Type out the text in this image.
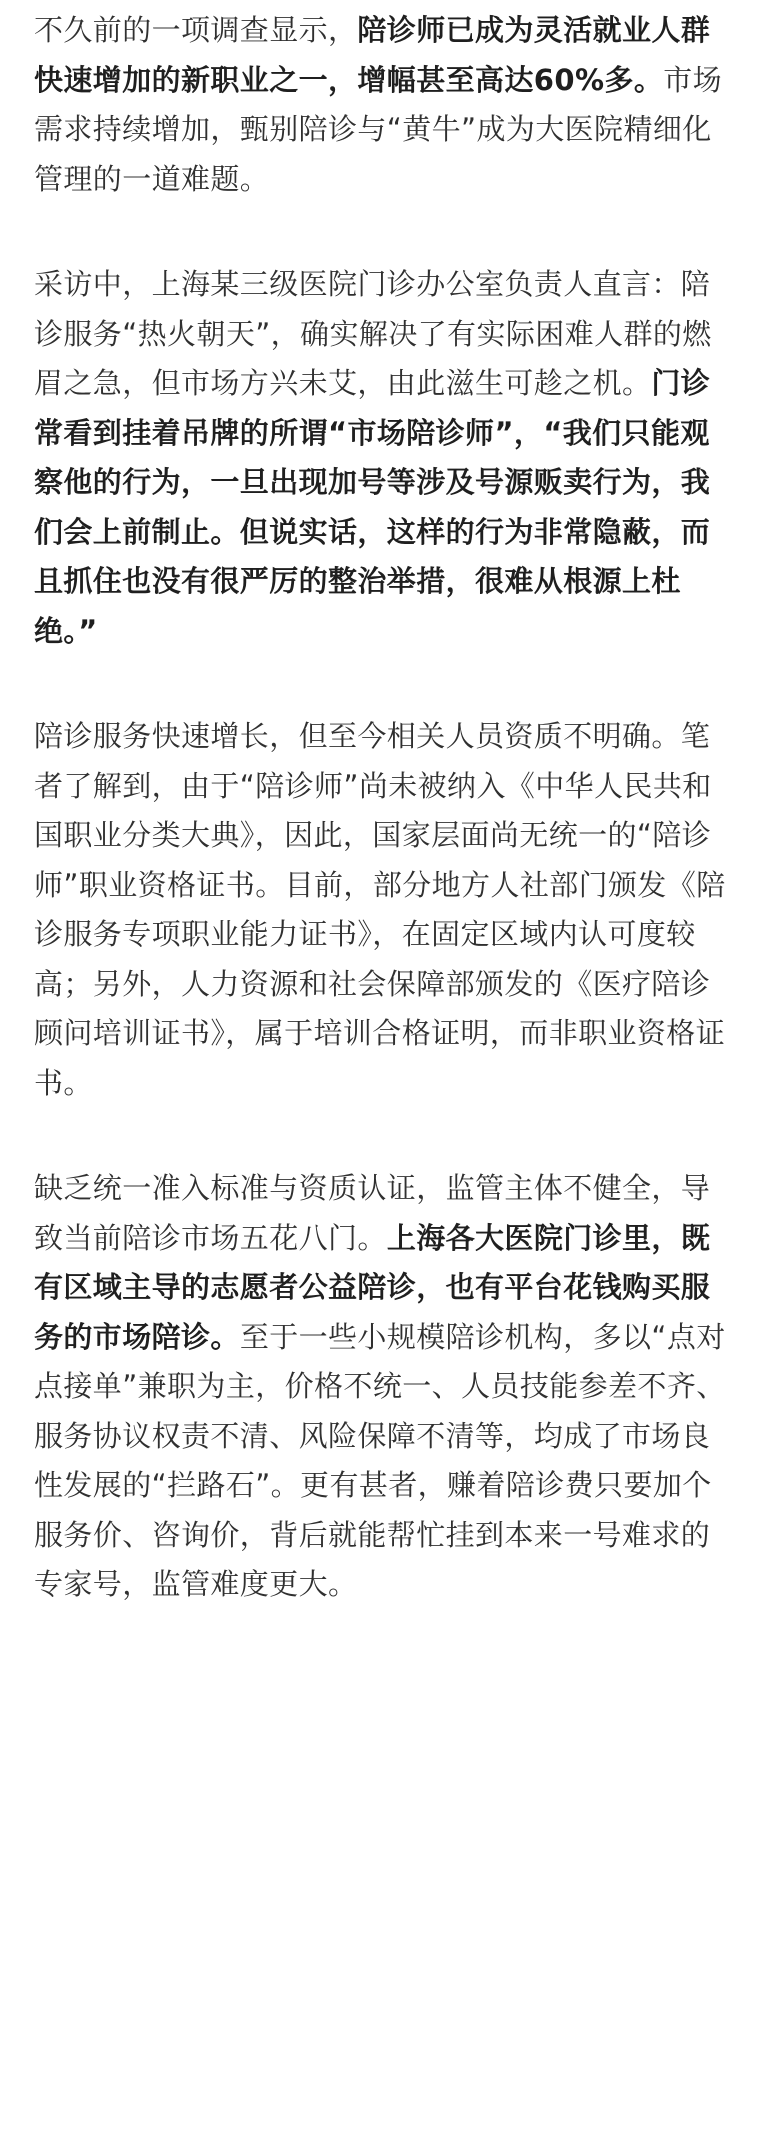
不久前的一项调查显示，陪诊师已成为灵活就业人群快速增加的新职业之一，增幅甚至高达60%多。市场需求持续增加，甄别陪诊与“黄牛”成为大医院精细化管理的一道难题。

采访中，上海某三级医院门诊办公室负责人直言：陪诊服务“热火朝天”，确实解决了有实际困难人群的燃眉之急，但市场方兴未艾，由此滋生可趁之机。门诊常看到挂着吊牌的所谓“市场陪诊师”，“我们只能观察他的行为，一旦出现加号等涉及号源贩卖行为，我们会上前制止。但说实话，这样的行为非常隐蔽，而且抓住也没有很严厉的整治举措，很难从根源上杜绝。”

陪诊服务快速增长，但至今相关人员资质不明确。笔者了解到，由于“陪诊师”尚未被纳入《中华人民共和国职业分类大典》，因此，国家层面尚无统一的“陪诊师”职业资格证书。目前，部分地方人社部门颁发《陪诊服务专项职业能力证书》，在固定区域内认可度较高；另外，人力资源和社会保障部颁发的《医疗陪诊顾问培训证书》，属于培训合格证明，而非职业资格证书。

缺乏统一准入标准与资质认证，监管主体不健全，导致当前陪诊市场五花八门。上海各大医院门诊里，既有区域主导的志愿者公益陪诊，也有平台花钱购买服务的市场陪诊。至于一些小规模陪诊机构，多以“点对点接单”兼职为主，价格不统一、人员技能参差不齐、服务协议权责不清、风险保障不清等，均成了市场良性发展的“拦路石”。更有甚者，赚着陪诊费只要加个服务价、咨询价，背后就能帮忙挂到本来一号难求的专家号，监管难度更大。
